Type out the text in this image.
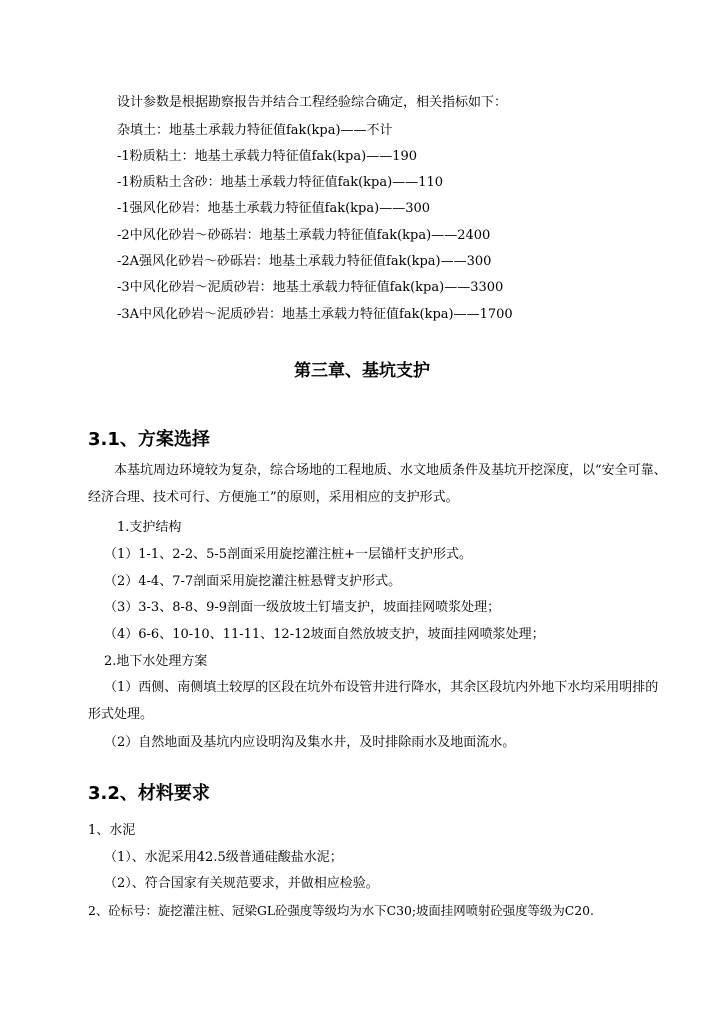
设计参数是根据勘察报告并结合工程经验综合确定，相关指标如下：
杂填土：地基土承载力特征值fak(kpa)——不计
-1粉质粘土：地基土承载力特征值fak(kpa)——190
-1粉质粘土含砂：地基土承载力特征值fak(kpa)——110
-1强风化砂岩：地基土承载力特征值fak(kpa)——300
-2中风化砂岩～砂砾岩：地基土承载力特征值fak(kpa)——2400
-2A强风化砂岩～砂砾岩：地基土承载力特征值fak(kpa)——300
-3中风化砂岩～泥质砂岩：地基土承载力特征值fak(kpa)——3300
-3A中风化砂岩～泥质砂岩：地基土承载力特征值fak(kpa)——1700
第三章、基坑支护
3.1、方案选择
本基坑周边环境较为复杂，综合场地的工程地质、水文地质条件及基坑开挖深度，以“安全可靠、经济合理、技术可行、方便施工”的原则，采用相应的支护形式。
1.支护结构
（1）1-1、2-2、5-5剖面采用旋挖灌注桩+一层锚杆支护形式。
（2）4-4、7-7剖面采用旋挖灌注桩悬臂支护形式。
（3）3-3、8-8、9-9剖面一级放坡土钉墙支护，坡面挂网喷浆处理；
（4）6-6、10-10、11-11、12-12坡面自然放坡支护，坡面挂网喷浆处理；
2.地下水处理方案
（1）西侧、南侧填土较厚的区段在坑外布设管井进行降水，其余区段坑内外地下水均采用明排的形式处理。
（2）自然地面及基坑内应设明沟及集水井，及时排除雨水及地面流水。
3.2、材料要求
1、水泥
（1）、水泥采用42.5级普通硅酸盐水泥；
（2）、符合国家有关规范要求，并做相应检验。
2、砼标号：旋挖灌注桩、冠梁GL砼强度等级均为水下C30;坡面挂网喷射砼强度等级为C20.
